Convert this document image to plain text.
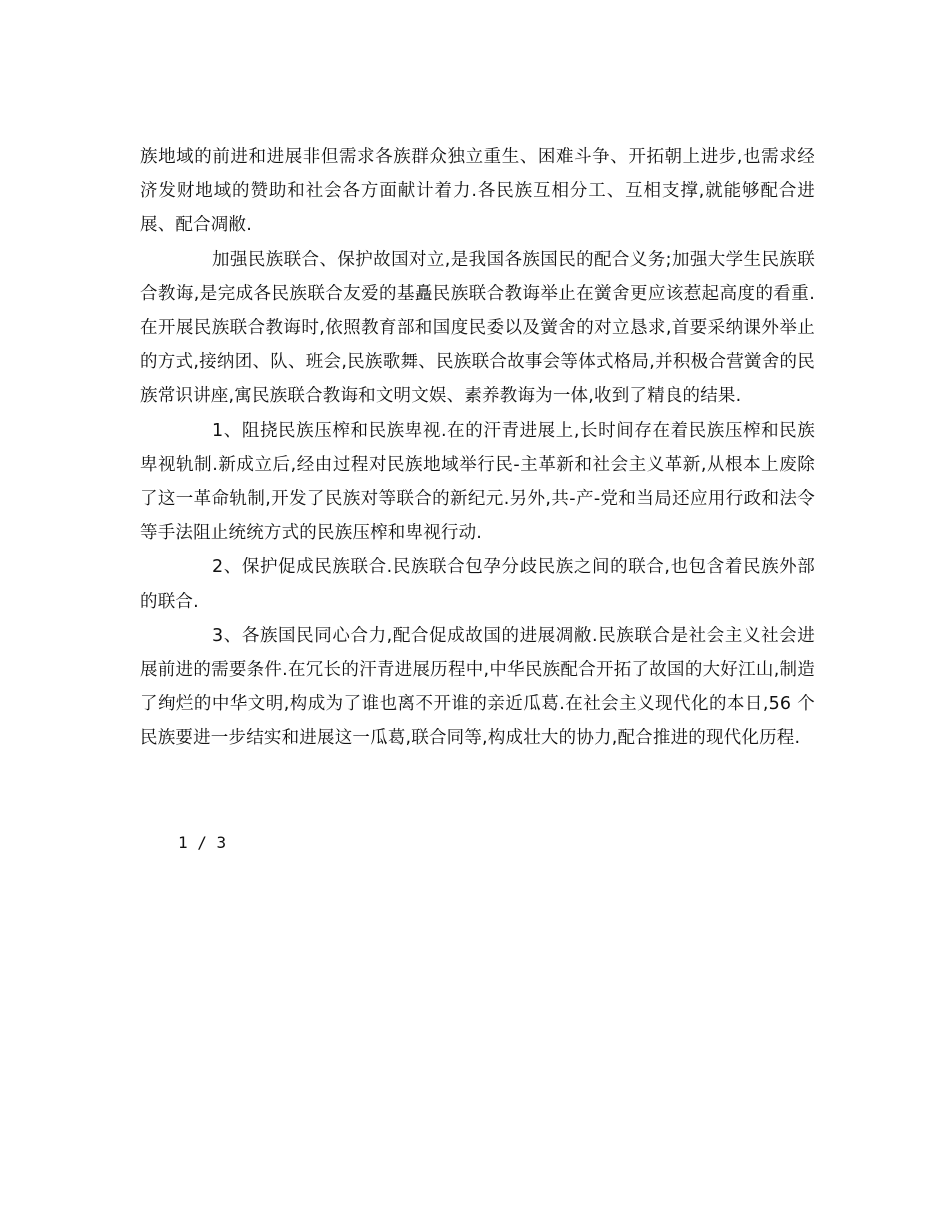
族地域的前进和进展非但需求各族群众独立重生、困难斗争、开拓朝上进步,也需求经济发财地域的赞助和社会各方面献计着力.各民族互相分工、互相支撑,就能够配合进展、配合凋敝.

加强民族联合、保护故国对立,是我国各族国民的配合义务;加强大学生民族联合教诲,是完成各民族联合友爱的基矗民族联合教诲举止在黉舍更应该惹起高度的看重.在开展民族联合教诲时,依照教育部和国度民委以及黉舍的对立恳求,首要采纳课外举止的方式,接纳团、队、班会,民族歌舞、民族联合故事会等体式格局,并积极合营黉舍的民族常识讲座,寓民族联合教诲和文明文娱、素养教诲为一体,收到了精良的结果.

1、阻挠民族压榨和民族卑视.在的汗青进展上,长时间存在着民族压榨和民族卑视轨制.新成立后,经由过程对民族地域举行民-主革新和社会主义革新,从根本上废除了这一革命轨制,开发了民族对等联合的新纪元.另外,共-产-党和当局还应用行政和法令等手法阻止统统方式的民族压榨和卑视行动.

2、保护促成民族联合.民族联合包孕分歧民族之间的联合,也包含着民族外部的联合.

3、各族国民同心合力,配合促成故国的进展凋敝.民族联合是社会主义社会进展前进的需要条件.在冗长的汗青进展历程中,中华民族配合开拓了故国的大好江山,制造了绚烂的中华文明,构成为了谁也离不开谁的亲近瓜葛.在社会主义现代化的本日,56 个民族要进一步结实和进展这一瓜葛,联合同等,构成壮大的协力,配合推进的现代化历程.

1 / 3
